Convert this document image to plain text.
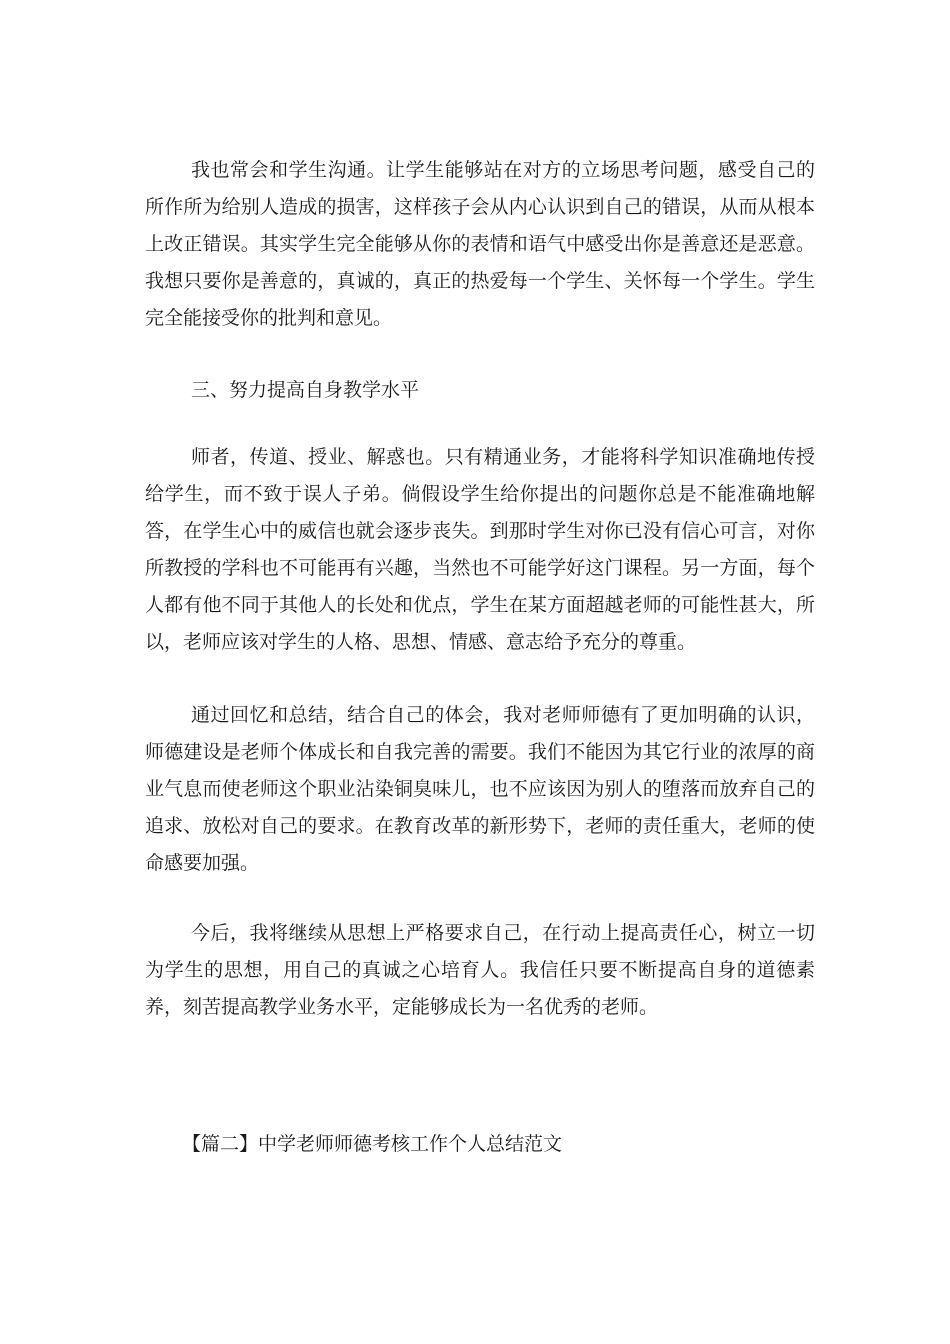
我也常会和学生沟通。让学生能够站在对方的立场思考问题，感受自己的所作所为给别人造成的损害，这样孩子会从内心认识到自己的错误，从而从根本上改正错误。其实学生完全能够从你的表情和语气中感受出你是善意还是恶意。我想只要你是善意的，真诚的，真正的热爱每一个学生、关怀每一个学生。学生完全能接受你的批判和意见。

三、努力提高自身教学水平

师者，传道、授业、解惑也。只有精通业务，才能将科学知识准确地传授给学生，而不致于误人子弟。倘假设学生给你提出的问题你总是不能准确地解答，在学生心中的威信也就会逐步丧失。到那时学生对你已没有信心可言，对你所教授的学科也不可能再有兴趣，当然也不可能学好这门课程。另一方面，每个人都有他不同于其他人的长处和优点，学生在某方面超越老师的可能性甚大，所以，老师应该对学生的人格、思想、情感、意志给予充分的尊重。

通过回忆和总结，结合自己的体会，我对老师师德有了更加明确的认识，师德建设是老师个体成长和自我完善的需要。我们不能因为其它行业的浓厚的商业气息而使老师这个职业沾染铜臭味儿，也不应该因为别人的堕落而放弃自己的追求、放松对自己的要求。在教育改革的新形势下，老师的责任重大，老师的使命感要加强。

今后，我将继续从思想上严格要求自己，在行动上提高责任心，树立一切为学生的思想，用自己的真诚之心培育人。我信任只要不断提高自身的道德素养，刻苦提高教学业务水平，定能够成长为一名优秀的老师。

【篇二】中学老师师德考核工作个人总结范文
